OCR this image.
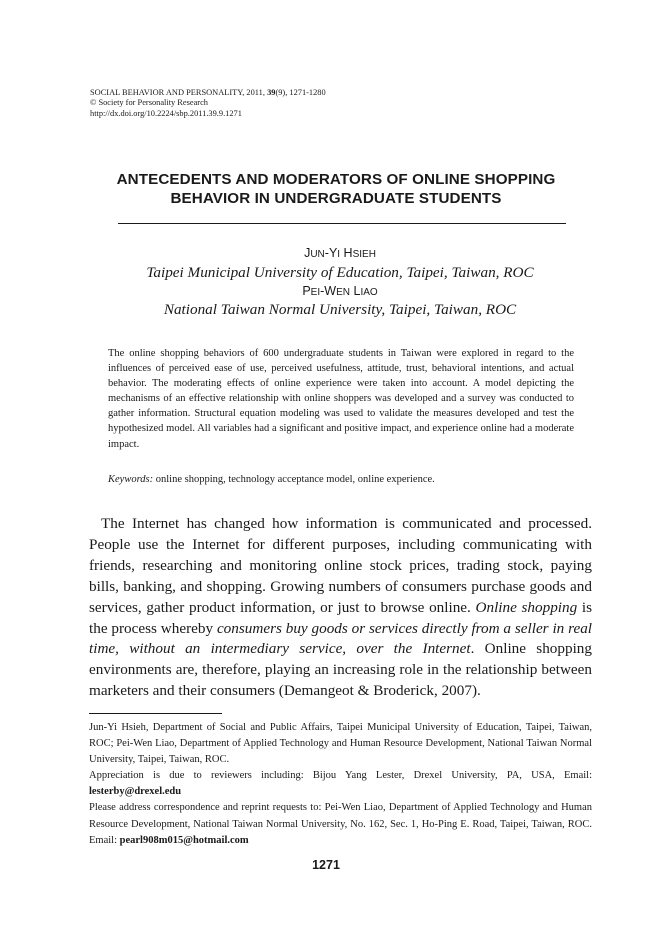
SOCIAL BEHAVIOR AND PERSONALITY, 2011, 39(9), 1271-1280
© Society for Personality Research
http://dx.doi.org/10.2224/sbp.2011.39.9.1271
ANTECEDENTS AND MODERATORS OF ONLINE SHOPPING
BEHAVIOR IN UNDERGRADUATE STUDENTS
JUN-YI HSIEH
Taipei Municipal University of Education, Taipei, Taiwan, ROC
PEI-WEN LIAO
National Taiwan Normal University, Taipei, Taiwan, ROC
The online shopping behaviors of 600 undergraduate students in Taiwan were explored in regard to the influences of perceived ease of use, perceived usefulness, attitude, trust, behavioral intentions, and actual behavior. The moderating effects of online experience were taken into account. A model depicting the mechanisms of an effective relationship with online shoppers was developed and a survey was conducted to gather information. Structural equation modeling was used to validate the measures developed and test the hypothesized model. All variables had a significant and positive impact, and experience online had a moderate impact.
Keywords: online shopping, technology acceptance model, online experience.
The Internet has changed how information is communicated and processed. People use the Internet for different purposes, including communicating with friends, researching and monitoring online stock prices, trading stock, paying bills, banking, and shopping. Growing numbers of consumers purchase goods and services, gather product information, or just to browse online. Online shopping is the process whereby consumers buy goods or services directly from a seller in real time, without an intermediary service, over the Internet. Online shopping environments are, therefore, playing an increasing role in the relationship between marketers and their consumers (Demangeot & Broderick, 2007).

Jun-Yi Hsieh, Department of Social and Public Affairs, Taipei Municipal University of Education, Taipei, Taiwan, ROC; Pei-Wen Liao, Department of Applied Technology and Human Resource Development, National Taiwan Normal University, Taipei, Taiwan, ROC.

Appreciation is due to reviewers including: Bijou Yang Lester, Drexel University, PA, USA, Email: lesterby@drexel.edu

Please address correspondence and reprint requests to: Pei-Wen Liao, Department of Applied Technology and Human Resource Development, National Taiwan Normal University, No. 162, Sec. 1, Ho-Ping E. Road, Taipei, Taiwan, ROC. Email: pearl908m015@hotmail.com

1271
